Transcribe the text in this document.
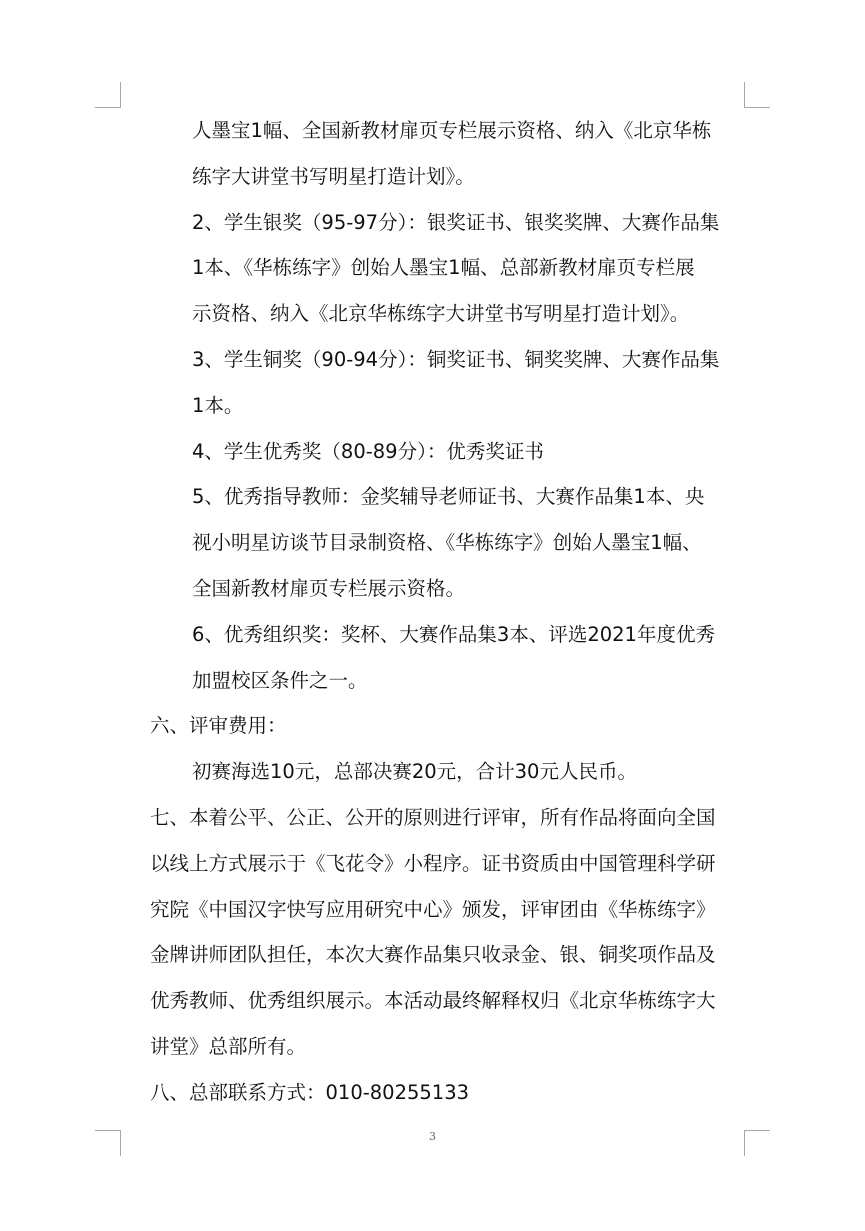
人墨宝1幅、全国新教材扉页专栏展示资格、纳入《北京华栋
练字大讲堂书写明星打造计划》。
2、学生银奖（95-97分）：银奖证书、银奖奖牌、大赛作品集
1本、《华栋练字》创始人墨宝1幅、总部新教材扉页专栏展
示资格、纳入《北京华栋练字大讲堂书写明星打造计划》。
3、学生铜奖（90-94分）：铜奖证书、铜奖奖牌、大赛作品集
1本。
4、学生优秀奖（80-89分）：优秀奖证书
5、优秀指导教师：金奖辅导老师证书、大赛作品集1本、央
视小明星访谈节目录制资格、《华栋练字》创始人墨宝1幅、
全国新教材扉页专栏展示资格。
6、优秀组织奖：奖杯、大赛作品集3本、评选2021年度优秀
加盟校区条件之一。
六、评审费用：
初赛海选10元，总部决赛20元，合计30元人民币。
七、本着公平、公正、公开的原则进行评审，所有作品将面向全国
以线上方式展示于《飞花令》小程序。证书资质由中国管理科学研
究院《中国汉字快写应用研究中心》颁发，评审团由《华栋练字》
金牌讲师团队担任，本次大赛作品集只收录金、银、铜奖项作品及
优秀教师、优秀组织展示。本活动最终解释权归《北京华栋练字大
讲堂》总部所有。
八、总部联系方式：010-80255133
3
